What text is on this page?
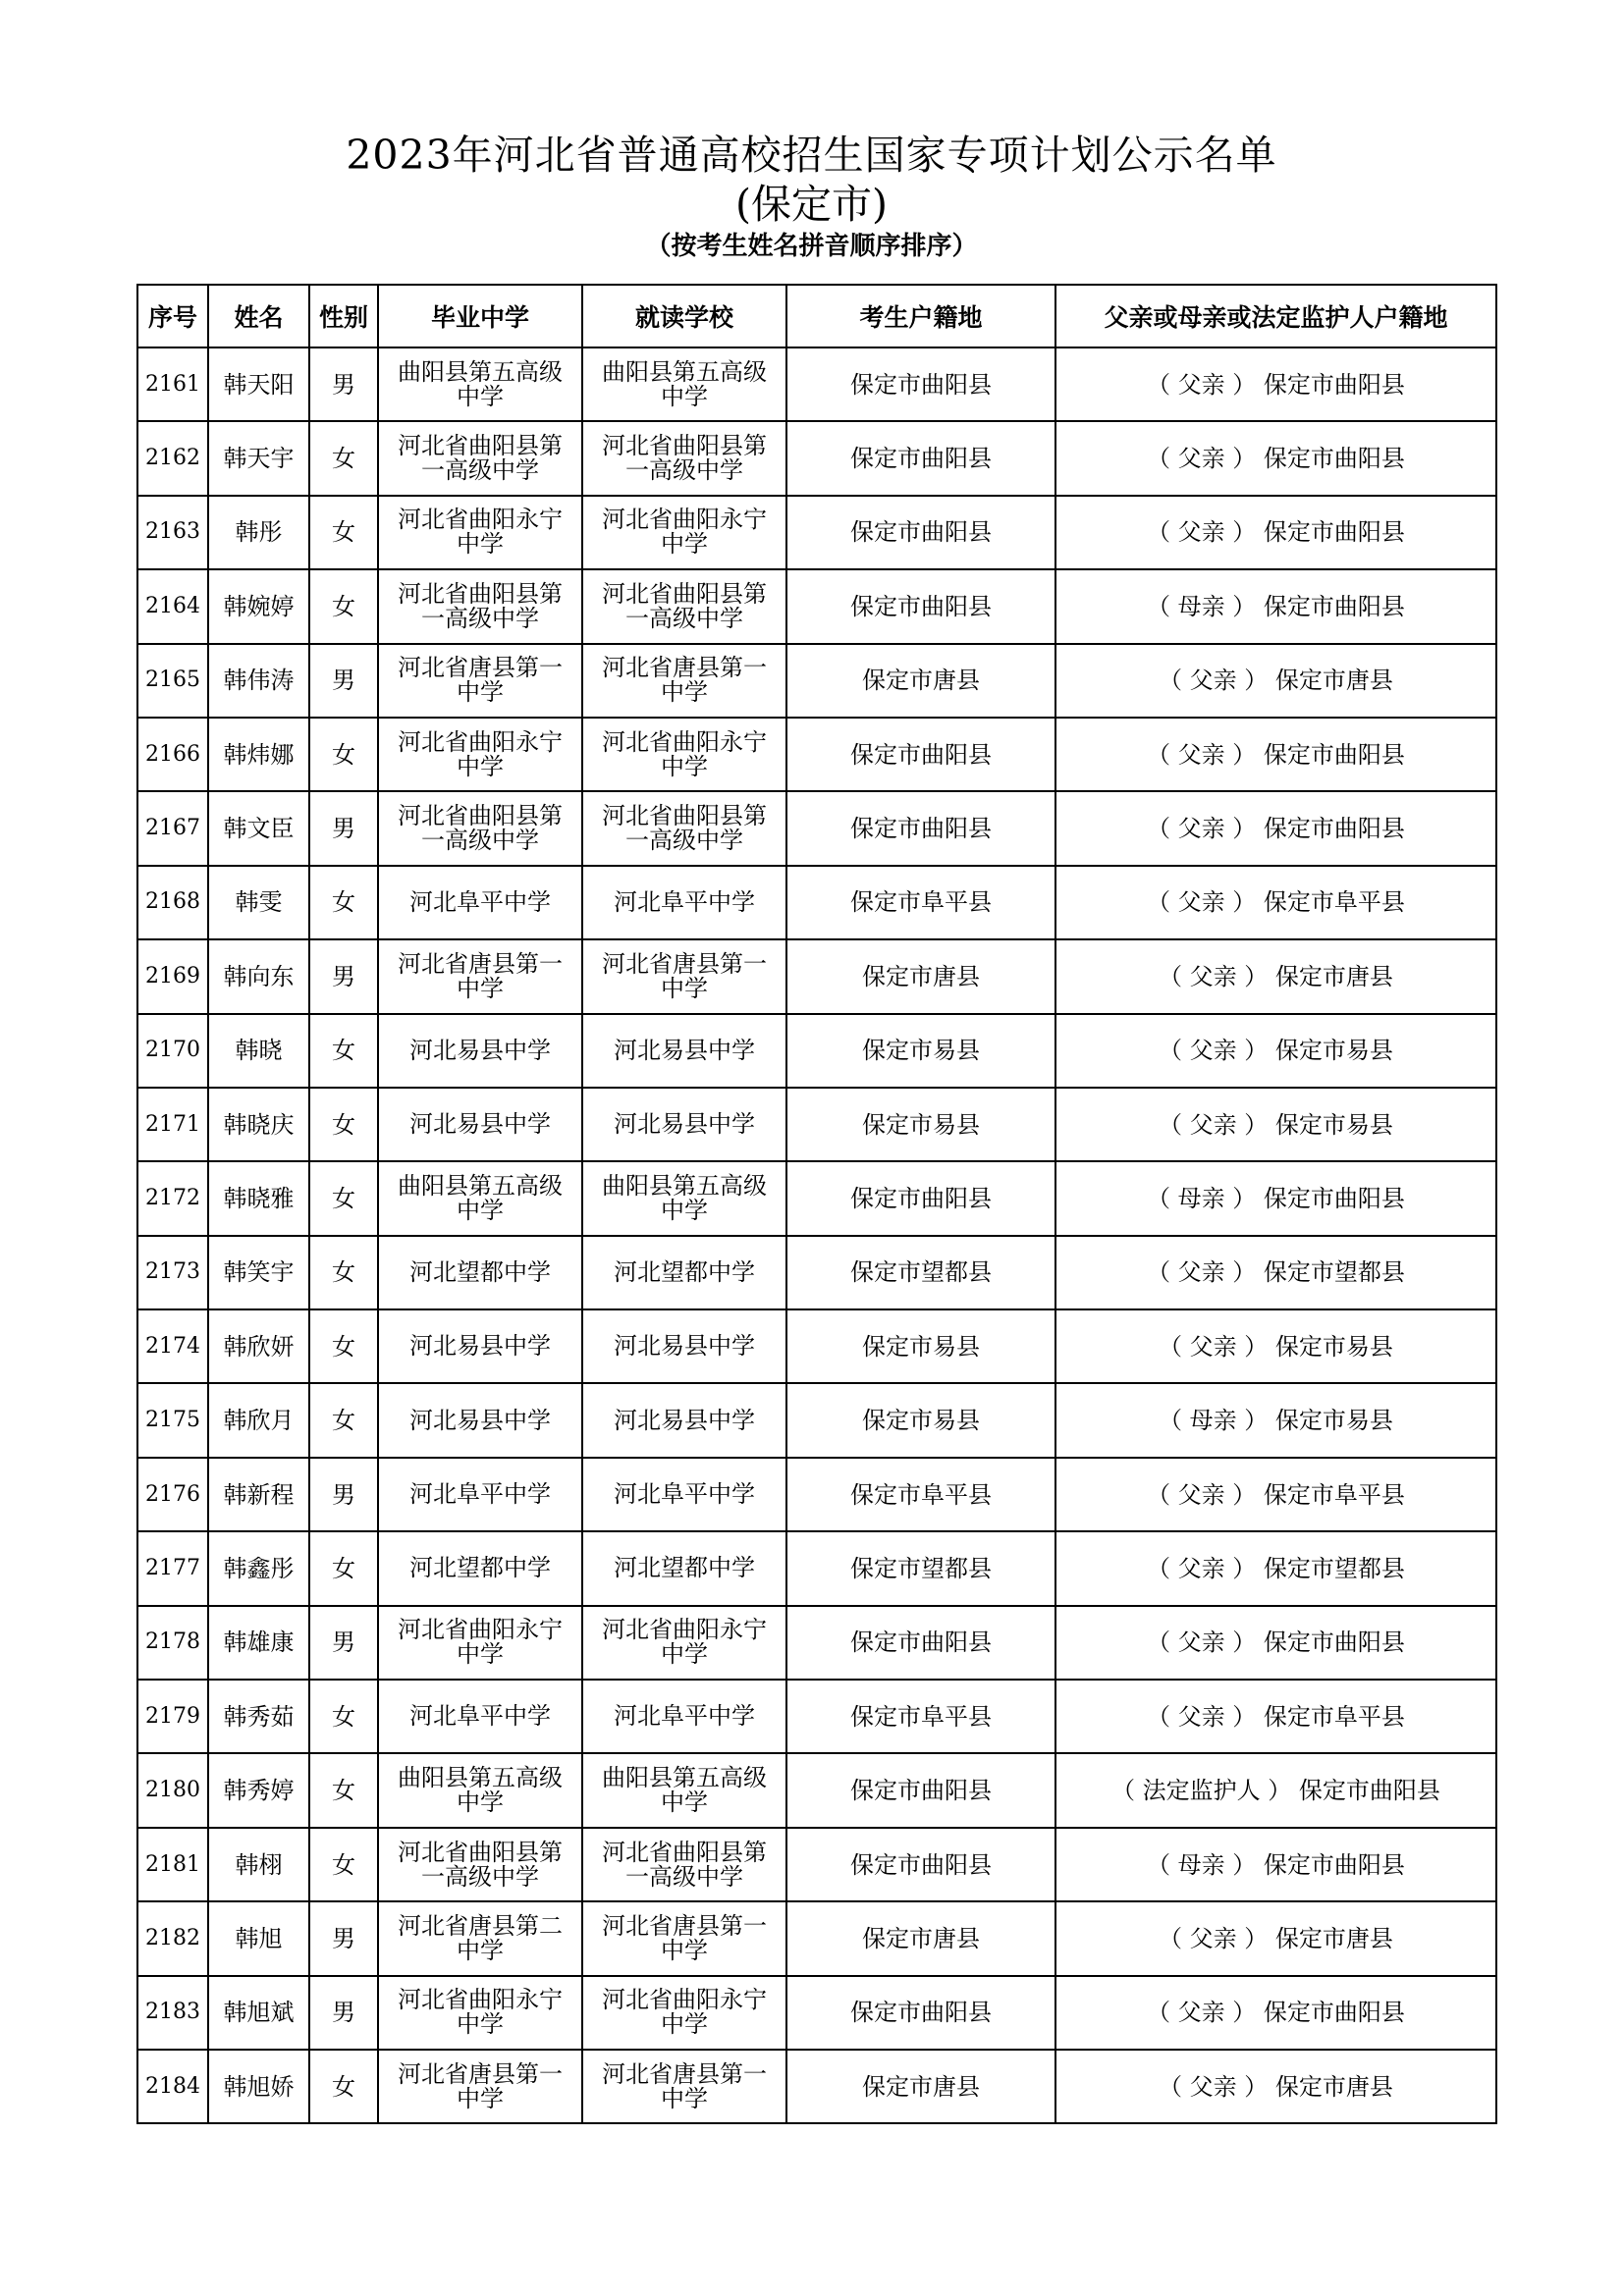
2023年河北省普通高校招生国家专项计划公示名单
(保定市)
（按考生姓名拼音顺序排序）
序号	姓名	性别	毕业中学	就读学校	考生户籍地	父亲或母亲或法定监护人户籍地
2161	韩天阳	男	曲阳县第五高级中学	曲阳县第五高级中学	保定市曲阳县	（ 父亲 ） 保定市曲阳县
2162	韩天宇	女	河北省曲阳县第一高级中学	河北省曲阳县第一高级中学	保定市曲阳县	（ 父亲 ） 保定市曲阳县
2163	韩彤	女	河北省曲阳永宁中学	河北省曲阳永宁中学	保定市曲阳县	（ 父亲 ） 保定市曲阳县
2164	韩婉婷	女	河北省曲阳县第一高级中学	河北省曲阳县第一高级中学	保定市曲阳县	（ 母亲 ） 保定市曲阳县
2165	韩伟涛	男	河北省唐县第一中学	河北省唐县第一中学	保定市唐县	（ 父亲 ） 保定市唐县
2166	韩炜娜	女	河北省曲阳永宁中学	河北省曲阳永宁中学	保定市曲阳县	（ 父亲 ） 保定市曲阳县
2167	韩文臣	男	河北省曲阳县第一高级中学	河北省曲阳县第一高级中学	保定市曲阳县	（ 父亲 ） 保定市曲阳县
2168	韩雯	女	河北阜平中学	河北阜平中学	保定市阜平县	（ 父亲 ） 保定市阜平县
2169	韩向东	男	河北省唐县第一中学	河北省唐县第一中学	保定市唐县	（ 父亲 ） 保定市唐县
2170	韩晓	女	河北易县中学	河北易县中学	保定市易县	（ 父亲 ） 保定市易县
2171	韩晓庆	女	河北易县中学	河北易县中学	保定市易县	（ 父亲 ） 保定市易县
2172	韩晓雅	女	曲阳县第五高级中学	曲阳县第五高级中学	保定市曲阳县	（ 母亲 ） 保定市曲阳县
2173	韩笑宇	女	河北望都中学	河北望都中学	保定市望都县	（ 父亲 ） 保定市望都县
2174	韩欣妍	女	河北易县中学	河北易县中学	保定市易县	（ 父亲 ） 保定市易县
2175	韩欣月	女	河北易县中学	河北易县中学	保定市易县	（ 母亲 ） 保定市易县
2176	韩新程	男	河北阜平中学	河北阜平中学	保定市阜平县	（ 父亲 ） 保定市阜平县
2177	韩鑫彤	女	河北望都中学	河北望都中学	保定市望都县	（ 父亲 ） 保定市望都县
2178	韩雄康	男	河北省曲阳永宁中学	河北省曲阳永宁中学	保定市曲阳县	（ 父亲 ） 保定市曲阳县
2179	韩秀茹	女	河北阜平中学	河北阜平中学	保定市阜平县	（ 父亲 ） 保定市阜平县
2180	韩秀婷	女	曲阳县第五高级中学	曲阳县第五高级中学	保定市曲阳县	（ 法定监护人 ） 保定市曲阳县
2181	韩栩	女	河北省曲阳县第一高级中学	河北省曲阳县第一高级中学	保定市曲阳县	（ 母亲 ） 保定市曲阳县
2182	韩旭	男	河北省唐县第二中学	河北省唐县第一中学	保定市唐县	（ 父亲 ） 保定市唐县
2183	韩旭斌	男	河北省曲阳永宁中学	河北省曲阳永宁中学	保定市曲阳县	（ 父亲 ） 保定市曲阳县
2184	韩旭娇	女	河北省唐县第一中学	河北省唐县第一中学	保定市唐县	（ 父亲 ） 保定市唐县
